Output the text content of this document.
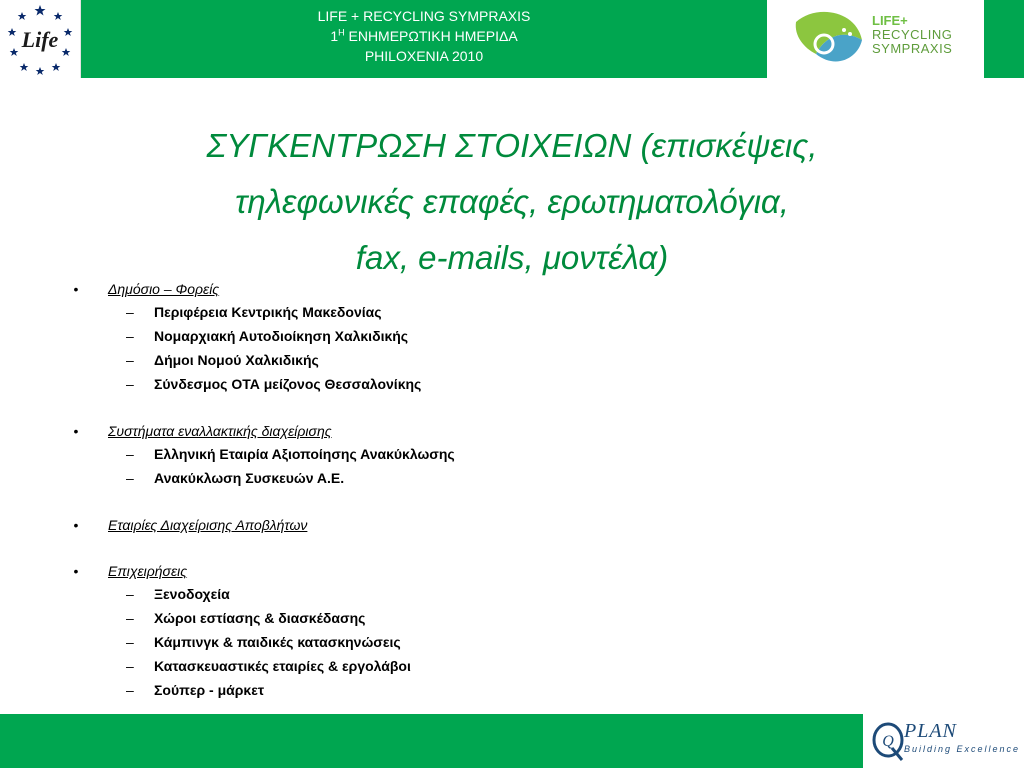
Life
LIFE + RECYCLING SYMPRAXIS
$1^H$ ΕΝΗΜΕΡΩΤΙΚΗ ΗΜΕΡΙΔΑ
PHILOXENIA 2010
LIFE+
RECYCLING
SYMPRAXIS
ΣΥΓΚΕΝΤΡΩΣΗ ΣΤΟΙΧΕΙΩΝ (επισκέψεις,
τηλεφωνικές επαφές, ερωτηματολόγια,
fax, e-mails, μοντέλα)
• Δημόσιο – Φορείς
– Περιφέρεια Κεντρικής Μακεδονίας
– Νομαρχιακή Αυτοδιοίκηση Χαλκιδικής
– Δήμοι Νομού Χαλκιδικής
– Σύνδεσμος ΟΤΑ μείζονος Θεσσαλονίκης
• Συστήματα εναλλακτικής διαχείρισης
– Ελληνική Εταιρία Αξιοποίησης Ανακύκλωσης
– Ανακύκλωση Συσκευών Α.Ε.
• Εταιρίες Διαχείρισης Αποβλήτων
• Επιχειρήσεις
– Ξενοδοχεία
– Χώροι εστίασης & διασκέδασης
– Κάμπινγκ & παιδικές κατασκηνώσεις
– Κατασκευαστικές εταιρίες & εργολάβοι
– Σούπερ - μάρκετ
Q PLAN
Building Excellence
